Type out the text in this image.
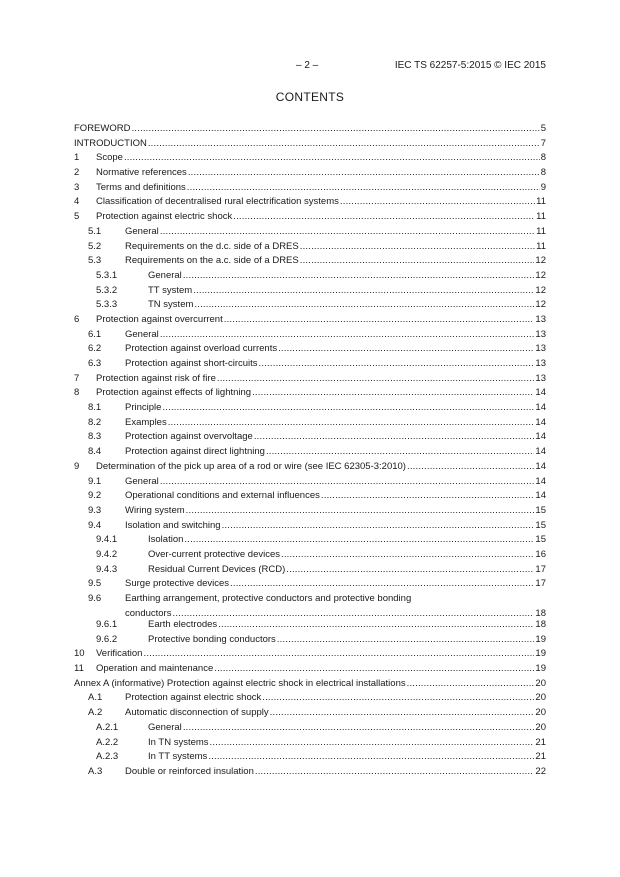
– 2 –	IEC TS 62257-5:2015 © IEC 2015
CONTENTS
FOREWORD .....	5
INTRODUCTION .....	7
1 Scope .....	8
2 Normative references .....	8
3 Terms and definitions .....	9
4 Classification of decentralised rural electrification systems .....	11
5 Protection against electric shock .....	11
5.1	General .....	11
5.2	Requirements on the d.c. side of a DRES .....	11
5.3	Requirements on the a.c. side of a DRES .....	12
5.3.1	General .....	12
5.3.2	TT system .....	12
5.3.3	TN system .....	12
6 Protection against overcurrent .....	13
6.1	General .....	13
6.2	Protection against overload currents .....	13
6.3	Protection against short-circuits .....	13
7 Protection against risk of fire .....	13
8 Protection against effects of lightning .....	14
8.1	Principle .....	14
8.2	Examples .....	14
8.3	Protection against overvoltage .....	14
8.4	Protection against direct lightning .....	14
9 Determination of the pick up area of a rod or wire (see IEC 62305-3:2010) .....	14
9.1	General .....	14
9.2	Operational conditions and external influences .....	14
9.3	Wiring system .....	15
9.4	Isolation and switching .....	15
9.4.1	Isolation .....	15
9.4.2	Over-current protective devices .....	16
9.4.3	Residual Current Devices (RCD) .....	17
9.5	Surge protective devices .....	17
9.6	Earthing arrangement, protective conductors and protective bonding
conductors .....	18
9.6.1	Earth electrodes .....	18
9.6.2	Protective bonding conductors .....	19
10 Verification .....	19
11 Operation and maintenance .....	19
Annex A (informative) Protection against electric shock in electrical installations .....	20
A.1 Protection against electric shock .....	20
A.2 Automatic disconnection of supply .....	20
A.2.1	General .....	20
A.2.2	In TN systems .....	21
A.2.3	In TT systems .....	21
A.3 Double or reinforced insulation .....	22
